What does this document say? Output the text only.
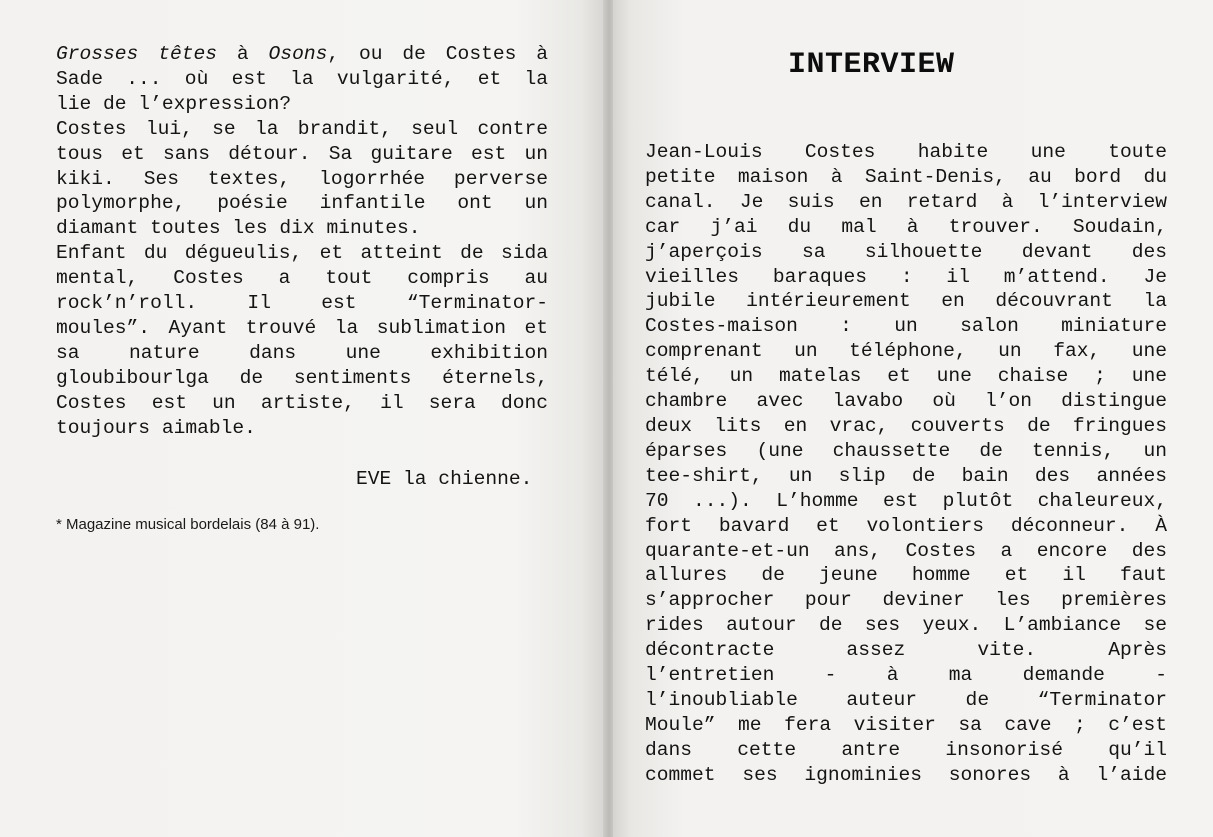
Grosses têtes à Osons, ou de Costes à
Sade ... où est la vulgarité, et la
lie de l’expression?
Costes lui, se la brandit, seul contre
tous et sans détour. Sa guitare est un
kiki. Ses textes, logorrhée perverse
polymorphe, poésie infantile ont un
diamant toutes les dix minutes.
Enfant du dégueulis, et atteint de sida
mental, Costes a tout compris au
rock’n’roll. Il est “Terminator-
moules”. Ayant trouvé la sublimation et
sa nature dans une exhibition
gloubibourlga de sentiments éternels,
Costes est un artiste, il sera donc
toujours aimable.
EVE la chienne.
* Magazine musical bordelais (84 à 91).
INTERVIEW
Jean-Louis Costes habite une toute
petite maison à Saint-Denis, au bord du
canal. Je suis en retard à l’interview
car j’ai du mal à trouver. Soudain,
j’aperçois sa silhouette devant des
vieilles baraques : il m’attend. Je
jubile intérieurement en découvrant la
Costes-maison : un salon miniature
comprenant un téléphone, un fax, une
télé, un matelas et une chaise ; une
chambre avec lavabo où l’on distingue
deux lits en vrac, couverts de fringues
éparses (une chaussette de tennis, un
tee-shirt, un slip de bain des années
70 ...). L’homme est plutôt chaleureux,
fort bavard et volontiers déconneur. À
quarante-et-un ans, Costes a encore des
allures de jeune homme et il faut
s’approcher pour deviner les premières
rides autour de ses yeux. L’ambiance se
décontracte assez vite. Après
l’entretien - à ma demande -
l’inoubliable auteur de “Terminator
Moule” me fera visiter sa cave ; c’est
dans cette antre insonorisé qu’il
commet ses ignominies sonores à l’aide
